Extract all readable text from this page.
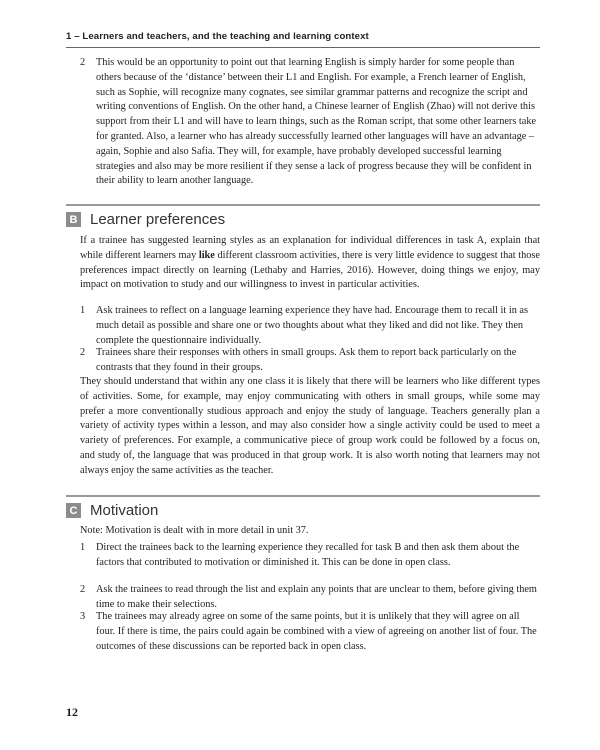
1 – Learners and teachers, and the teaching and learning context
2 This would be an opportunity to point out that learning English is simply harder for some people than others because of the ‘distance’ between their L1 and English. For example, a French learner of English, such as Sophie, will recognize many cognates, see similar grammar patterns and recognize the script and writing conventions of English. On the other hand, a Chinese learner of English (Zhao) will not derive this support from their L1 and will have to learn things, such as the Roman script, that some other learners take for granted. Also, a learner who has already successfully learned other languages will have an advantage – again, Sophie and also Safia. They will, for example, have probably developed successful learning strategies and also may be more resilient if they sense a lack of progress because they will be confident in their ability to learn another language.
B Learner preferences
If a trainee has suggested learning styles as an explanation for individual differences in task A, explain that while different learners may like different classroom activities, there is very little evidence to suggest that those preferences impact directly on learning (Lethaby and Harries, 2016). However, doing things we enjoy, may impact on motivation to study and our willingness to invest in particular activities.
1 Ask trainees to reflect on a language learning experience they have had. Encourage them to recall it in as much detail as possible and share one or two thoughts about what they liked and did not like. They then complete the questionnaire individually.
2 Trainees share their responses with others in small groups. Ask them to report back particularly on the contrasts that they found in their groups.
They should understand that within any one class it is likely that there will be learners who like different types of activities. Some, for example, may enjoy communicating with others in small groups, while some may prefer a more conventionally studious approach and enjoy the study of language. Teachers generally plan a variety of activity types within a lesson, and may also consider how a single activity could be used to meet a variety of preferences. For example, a communicative piece of group work could be followed by a focus on, and study of, the language that was produced in that group work. It is also worth noting that learners may not always enjoy the same activities as the teacher.
C Motivation
Note: Motivation is dealt with in more detail in unit 37.
1 Direct the trainees back to the learning experience they recalled for task B and then ask them about the factors that contributed to motivation or diminished it. This can be done in open class.
2 Ask the trainees to read through the list and explain any points that are unclear to them, before giving them time to make their selections.
3 The trainees may already agree on some of the same points, but it is unlikely that they will agree on all four. If there is time, the pairs could again be combined with a view of agreeing on another list of four. The outcomes of these discussions can be reported back in open class.
12
